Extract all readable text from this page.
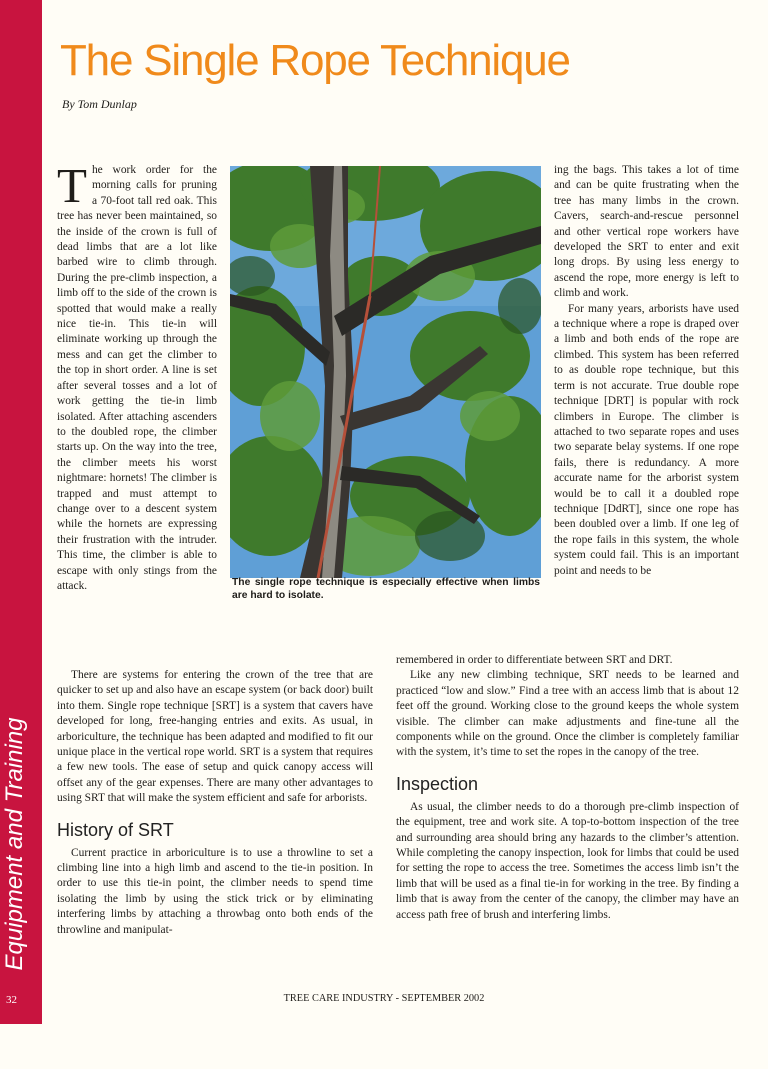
Equipment and Training
32
The Single Rope Technique
By Tom Dunlap

The work order for the morning calls for pruning a 70-foot tall red oak. This tree has never been maintained, so the inside of the crown is full of dead limbs that are a lot like barbed wire to climb through. During the pre-climb inspection, a limb off to the side of the crown is spotted that would make a really nice tie-in. This tie-in will eliminate working up through the mess and can get the climber to the top in short order. A line is set after several tosses and a lot of work getting the tie-in limb isolated. After attaching ascenders to the doubled rope, the climber starts up. On the way into the tree, the climber meets his worst nightmare: hornets! The climber is trapped and must attempt to change over to a descent system while the hornets are expressing their frustration with the intruder. This time, the climber is able to escape with only stings from the attack.

There are systems for entering the crown of the tree that are quicker to set up and also have an escape system (or back door) built into them. Single rope technique [SRT] is a system that cavers have developed for long, free-hanging entries and exits. As usual, in arboriculture, the technique has been adapted and modified to fit our unique place in the vertical rope world. SRT is a system that requires a few new tools. The ease of setup and quick canopy access will offset any of the gear expenses. There are many other advantages to using SRT that will make the system efficient and safe for arborists.

History of SRT

Current practice in arboriculture is to use a throwline to set a climbing line into a high limb and ascend to the tie-in position. In order to use this tie-in point, the climber needs to spend time isolating the limb by using the stick trick or by eliminating interfering limbs by attaching a throwbag onto both ends of the throwline and manipulat-

The single rope technique is especially effective when limbs are hard to isolate.

ing the bags. This takes a lot of time and can be quite frustrating when the tree has many limbs in the crown. Cavers, search-and-rescue personnel and other vertical rope workers have developed the SRT to enter and exit long drops. By using less energy to ascend the rope, more energy is left to climb and work.

For many years, arborists have used a technique where a rope is draped over a limb and both ends of the rope are climbed. This system has been referred to as double rope technique, but this term is not accurate. True double rope technique [DRT] is popular with rock climbers in Europe. The climber is attached to two separate ropes and uses two separate belay systems. If one rope fails, there is redundancy. A more accurate name for the arborist system would be to call it a doubled rope technique [DdRT], since one rope has been doubled over a limb. If one leg of the rope fails in this system, the whole system could fail. This is an important point and needs to be

remembered in order to differentiate between SRT and DRT.

Like any new climbing technique, SRT needs to be learned and practiced “low and slow.” Find a tree with an access limb that is about 12 feet off the ground. Working close to the ground keeps the whole system visible. The climber can make adjustments and fine-tune all the components while on the ground. Once the climber is completely familiar with the system, it’s time to set the ropes in the canopy of the tree.

Inspection

As usual, the climber needs to do a thorough pre-climb inspection of the equipment, tree and work site. A top-to-bottom inspection of the tree and surrounding area should bring any hazards to the climber’s attention. While completing the canopy inspection, look for limbs that could be used for setting the rope to access the tree. Sometimes the access limb isn’t the limb that will be used as a final tie-in for working in the tree. By finding a limb that is away from the center of the canopy, the climber may have an access path free of brush and interfering limbs.

TREE CARE INDUSTRY - SEPTEMBER 2002
